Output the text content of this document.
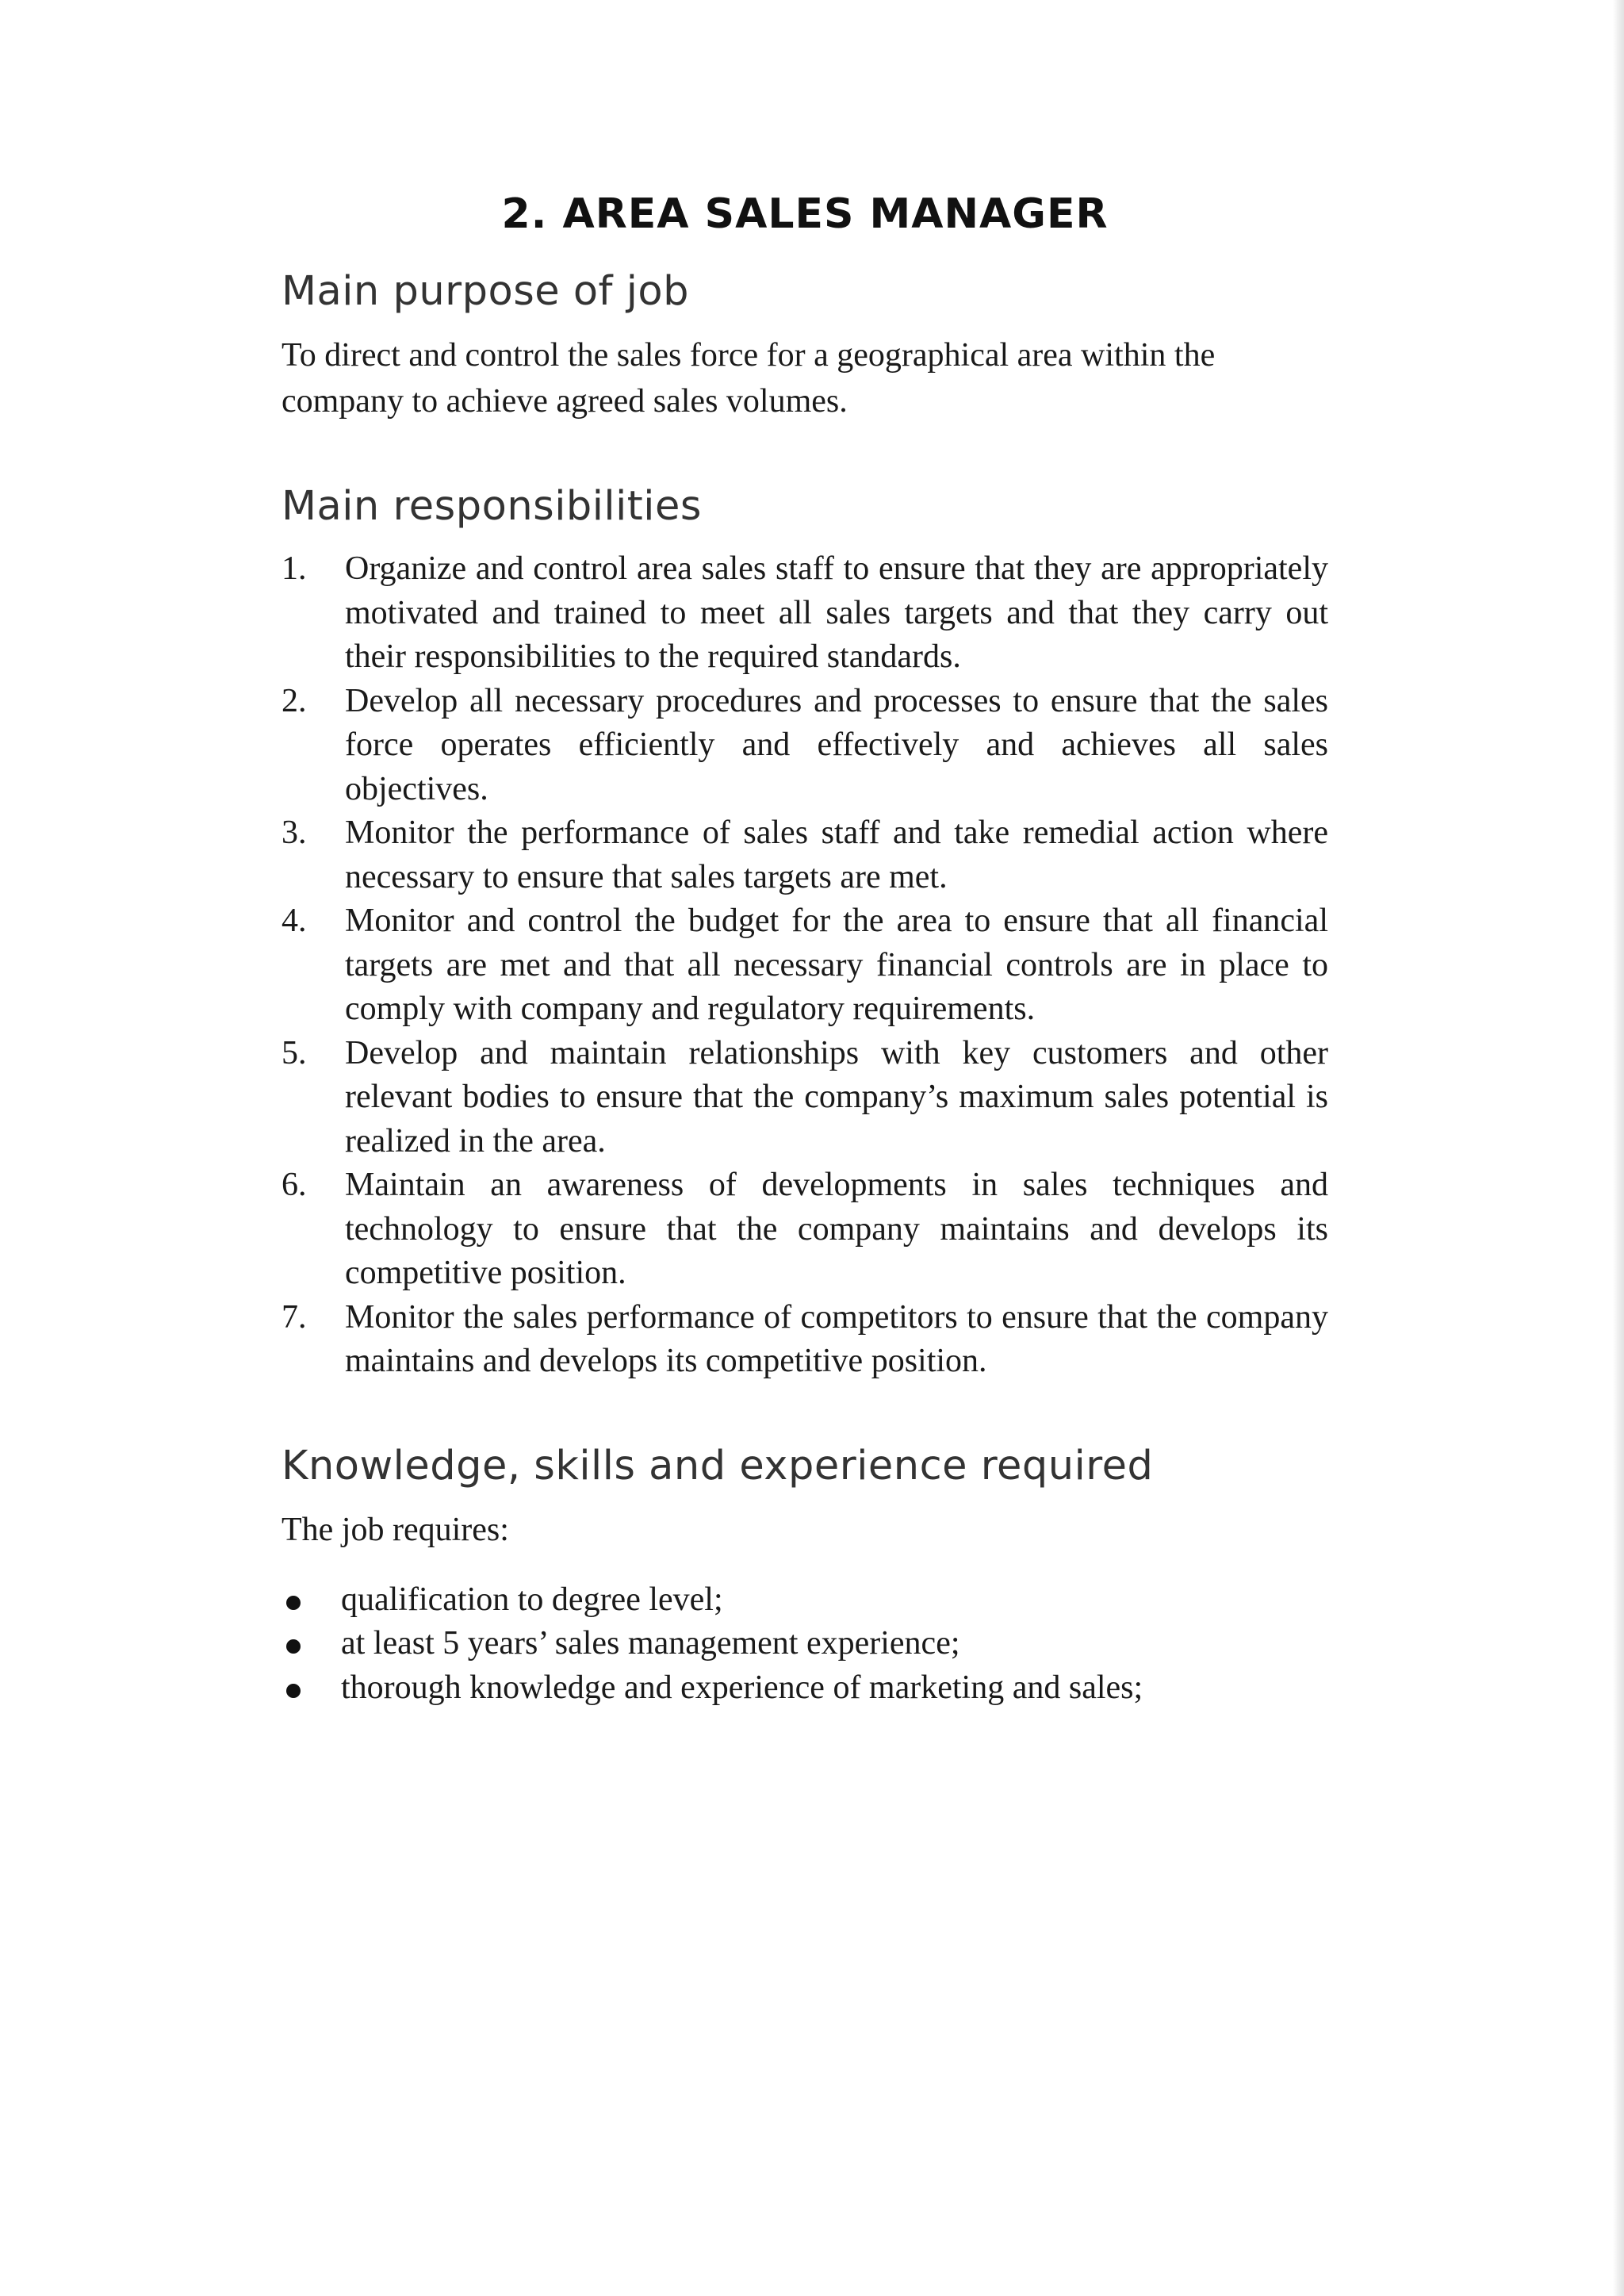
2. AREA SALES MANAGER
Main purpose of job

To direct and control the sales force for a geographical area within the company to achieve agreed sales volumes.

Main responsibilities
1. Organize and control area sales staff to ensure that they are appropriately motivated and trained to meet all sales targets and that they carry out their responsibilities to the required standards.
2. Develop all necessary procedures and processes to ensure that the sales force operates efficiently and effectively and achieves all sales objectives.
3. Monitor the performance of sales staff and take remedial action where necessary to ensure that sales targets are met.
4. Monitor and control the budget for the area to ensure that all financial targets are met and that all necessary financial controls are in place to comply with company and regulatory requirements.
5. Develop and maintain relationships with key customers and other relevant bodies to ensure that the company’s maximum sales potential is realized in the area.
6. Maintain an awareness of developments in sales techniques and technology to ensure that the company maintains and develops its competitive position.
7. Monitor the sales performance of competitors to ensure that the company maintains and develops its competitive position.
Knowledge, skills and experience required

The job requires:

qualification to degree level;
at least 5 years’ sales management experience;
thorough knowledge and experience of marketing and sales;
